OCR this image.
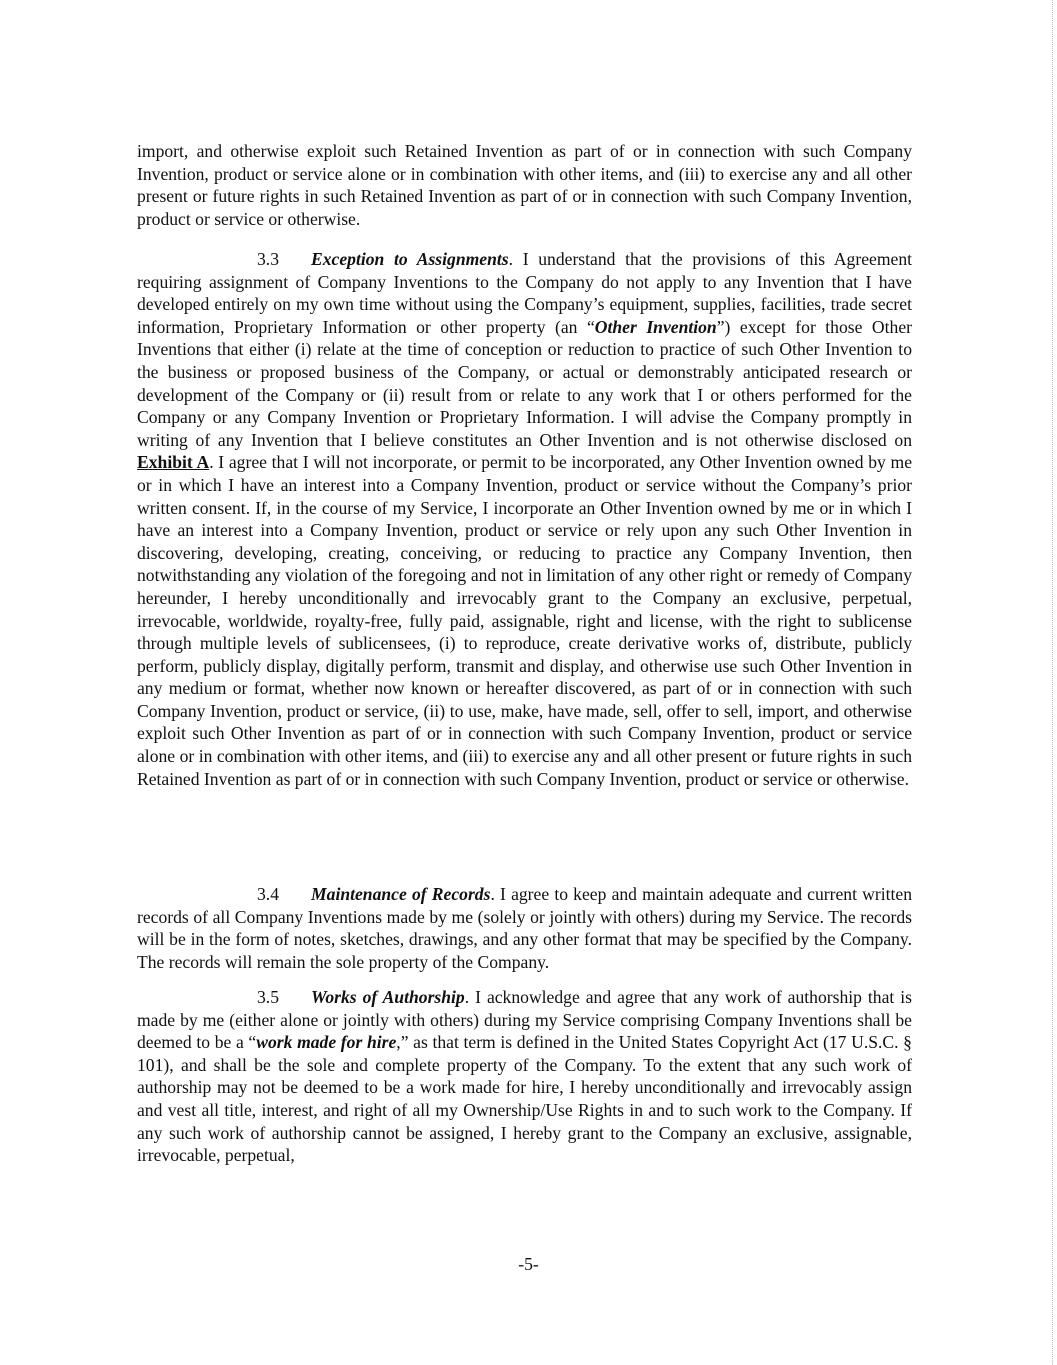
import, and otherwise exploit such Retained Invention as part of or in connection with such Company Invention, product or service alone or in combination with other items, and (iii) to exercise any and all other present or future rights in such Retained Invention as part of or in connection with such Company Invention, product or service or otherwise.

3.3 Exception to Assignments. I understand that the provisions of this Agreement requiring assignment of Company Inventions to the Company do not apply to any Invention that I have developed entirely on my own time without using the Company’s equipment, supplies, facilities, trade secret information, Proprietary Information or other property (an “Other Invention”) except for those Other Inventions that either (i) relate at the time of conception or reduction to practice of such Other Invention to the business or proposed business of the Company, or actual or demonstrably anticipated research or development of the Company or (ii) result from or relate to any work that I or others performed for the Company or any Company Invention or Proprietary Information. I will advise the Company promptly in writing of any Invention that I believe constitutes an Other Invention and is not otherwise disclosed on Exhibit A. I agree that I will not incorporate, or permit to be incorporated, any Other Invention owned by me or in which I have an interest into a Company Invention, product or service without the Company’s prior written consent. If, in the course of my Service, I incorporate an Other Invention owned by me or in which I have an interest into a Company Invention, product or service or rely upon any such Other Invention in discovering, developing, creating, conceiving, or reducing to practice any Company Invention, then notwithstanding any violation of the foregoing and not in limitation of any other right or remedy of Company hereunder, I hereby unconditionally and irrevocably grant to the Company an exclusive, perpetual, irrevocable, worldwide, royalty-free, fully paid, assignable, right and license, with the right to sublicense through multiple levels of sublicensees, (i) to reproduce, create derivative works of, distribute, publicly perform, publicly display, digitally perform, transmit and display, and otherwise use such Other Invention in any medium or format, whether now known or hereafter discovered, as part of or in connection with such Company Invention, product or service, (ii) to use, make, have made, sell, offer to sell, import, and otherwise exploit such Other Invention as part of or in connection with such Company Invention, product or service alone or in combination with other items, and (iii) to exercise any and all other present or future rights in such Retained Invention as part of or in connection with such Company Invention, product or service or otherwise.

3.4 Maintenance of Records. I agree to keep and maintain adequate and current written records of all Company Inventions made by me (solely or jointly with others) during my Service. The records will be in the form of notes, sketches, drawings, and any other format that may be specified by the Company. The records will remain the sole property of the Company.

3.5 Works of Authorship. I acknowledge and agree that any work of authorship that is made by me (either alone or jointly with others) during my Service comprising Company Inventions shall be deemed to be a “work made for hire,” as that term is defined in the United States Copyright Act (17 U.S.C. § 101), and shall be the sole and complete property of the Company. To the extent that any such work of authorship may not be deemed to be a work made for hire, I hereby unconditionally and irrevocably assign and vest all title, interest, and right of all my Ownership/Use Rights in and to such work to the Company. If any such work of authorship cannot be assigned, I hereby grant to the Company an exclusive, assignable, irrevocable, perpetual,

-5-
